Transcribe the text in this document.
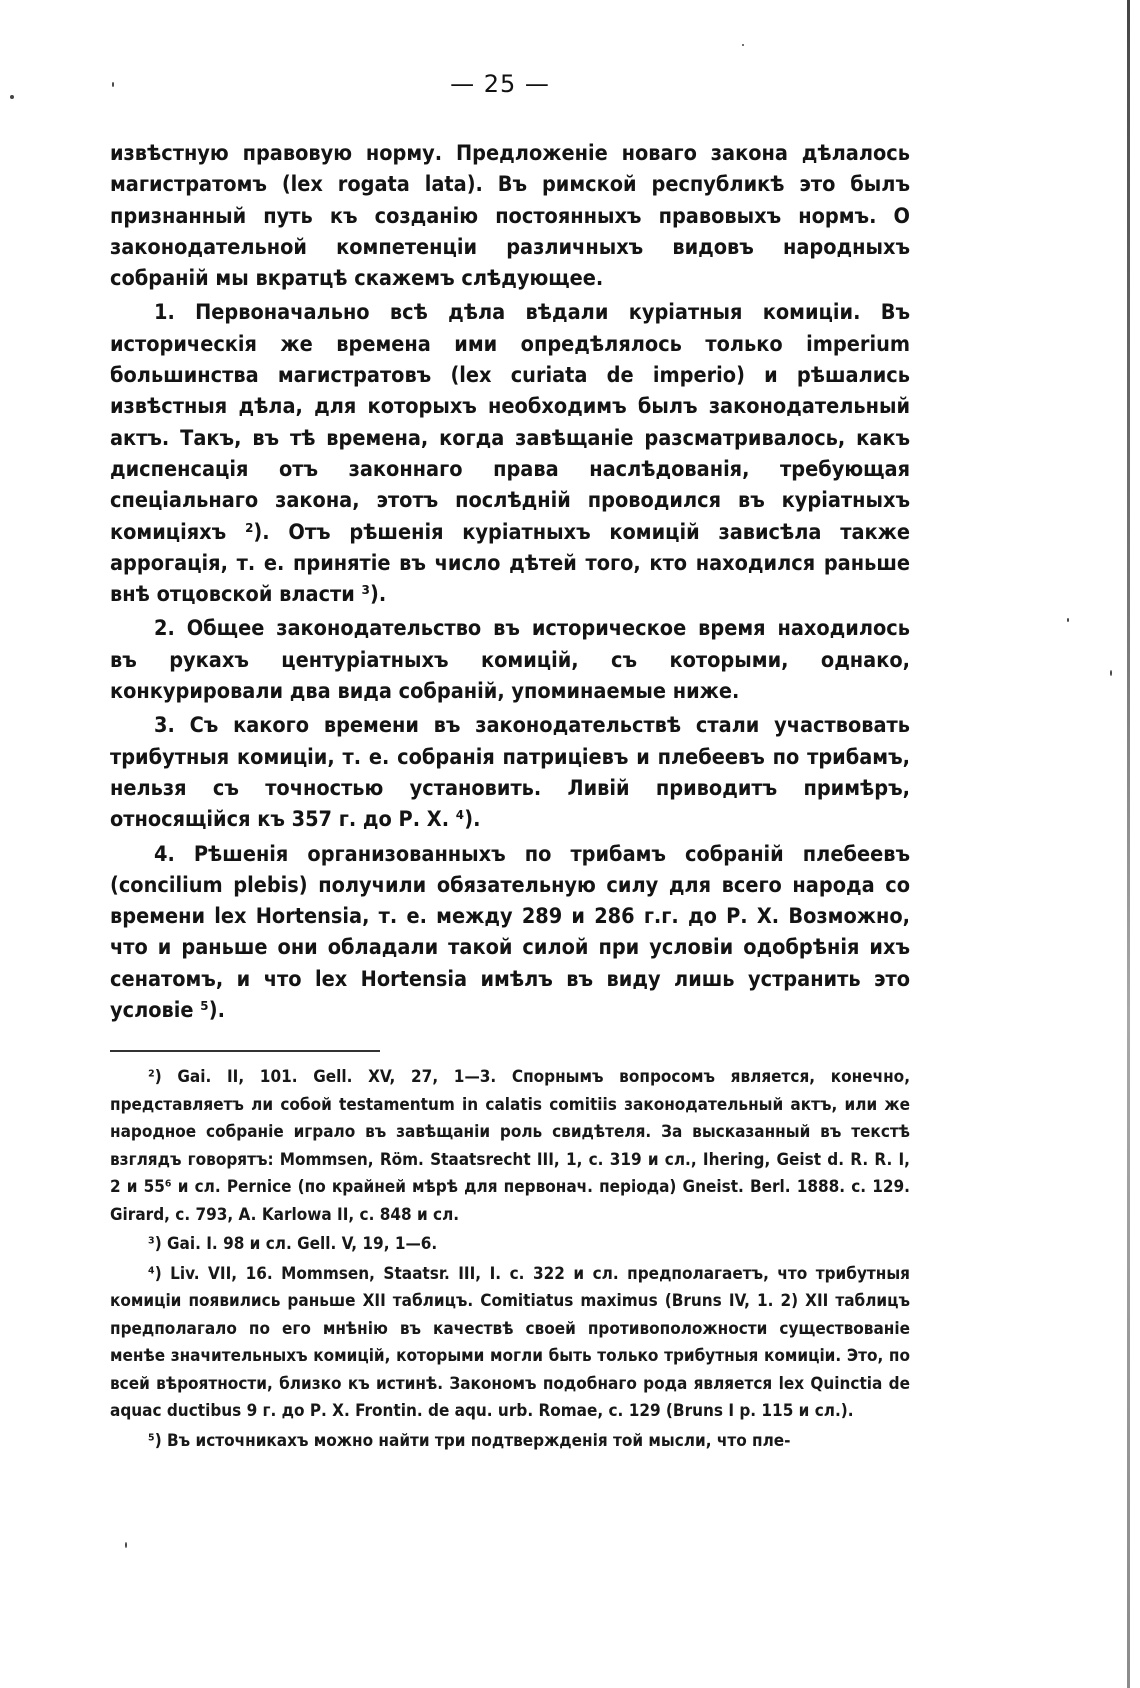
— 25 —

извѣстную правовую норму. Предложеніе новаго закона дѣлалось магистратомъ (lex rogata lata). Въ римской республикѣ это былъ признанный путь къ созданію постоянныхъ правовыхъ нормъ. О законодательной компетенціи различныхъ видовъ народныхъ собраній мы вкратцѣ скажемъ слѣдующее.

1. Первоначально всѣ дѣла вѣдали куріатныя комиціи. Въ историческія же времена ими опредѣлялось только imperium большинства магистратовъ (lex curiata de imperio) и рѣшались извѣстныя дѣла, для которыхъ необходимъ былъ законодательный актъ. Такъ, въ тѣ времена, когда завѣщаніе разсматривалось, какъ диспенсація отъ законнаго права наслѣдованія, требующая спеціальнаго закона, этотъ послѣдній проводился въ куріатныхъ комиціяхъ ²). Отъ рѣшенія куріатныхъ комицій зависѣла также аррогація, т. е. принятіе въ число дѣтей того, кто находился раньше внѣ отцовской власти ³).

2. Общее законодательство въ историческое время находилось въ рукахъ центуріатныхъ комицій, съ которыми, однако, конкурировали два вида собраній, упоминаемые ниже.

3. Съ какого времени въ законодательствѣ стали участвовать трибутныя комиціи, т. е. собранія патриціевъ и плебеевъ по трибамъ, нельзя съ точностью установить. Ливій приводитъ примѣръ, относящійся къ 357 г. до Р. Х. ⁴).

4. Рѣшенія организованныхъ по трибамъ собраній плебеевъ (concilium plebis) получили обязательную силу для всего народа со времени lex Hortensia, т. е. между 289 и 286 г.г. до Р. Х. Возможно, что и раньше они обладали такой силой при условіи одобрѣнія ихъ сенатомъ, и что lex Hortensia имѣлъ въ виду лишь устранить это условіе ⁵).

²) Gai. II, 101. Gell. XV, 27, 1—3. Спорнымъ вопросомъ является, конечно, представляетъ ли собой testamentum in calatis comitiis законодательный актъ, или же народное собраніе играло въ завѣщаніи роль свидѣтеля. За высказанный въ текстѣ взглядъ говорятъ: Mommsen, Röm. Staatsrecht III, 1, с. 319 и сл., Ihering, Geist d. R. R. I, 2 и 55⁶ и сл. Pernice (по крайней мѣрѣ для первонач. періода) Gneist. Berl. 1888. с. 129. Girard, с. 793, A. Karlowa II, с. 848 и сл.

³) Gai. I. 98 и сл. Gell. V, 19, 1—6.

⁴) Liv. VII, 16. Mommsen, Staatsr. III, I. с. 322 и сл. предполагаетъ, что трибутныя комиціи появились раньше XII таблицъ. Comitiatus maximus (Bruns IV, 1. 2) XII таблицъ предполагало по его мнѣнію въ качествѣ своей противоположности существованіе менѣе значительныхъ комицій, которыми могли быть только трибутныя комиціи. Это, по всей вѣроятности, близко къ истинѣ. Закономъ подобнаго рода является lex Quinctia de aquac ductibus 9 г. до Р. Х. Frontin. de aqu. urb. Romae, с. 129 (Bruns I p. 115 и сл.).

⁵) Въ источникахъ можно найти три подтвержденія той мысли, что пле-
